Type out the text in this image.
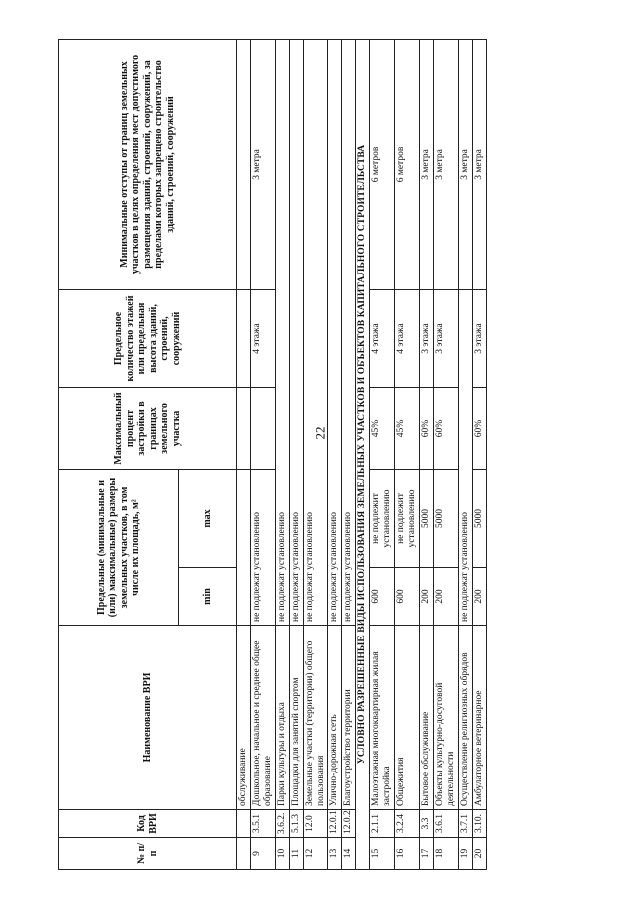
22
№ п/п	Код ВРИ	Наименование ВРИ	Предельные (минимальные и (или) максимальные) размеры земельных участков, в том числе их площадь, м²		Максимальный процент застройки в границах земельного участка	Предельное количество этажей или предельная высота зданий, строений, сооружений	Минимальные отступы от границ земельных участков в целях определения мест допустимого размещения зданий, строений, сооружений, за пределами которых запрещено строительство зданий, строений, сооружений
			min	max			
		обслуживание					
9	3.5.1	Дошкольное, начальное и среднее общее образование	не подлежат установлению			4 этажа	3 метра
10	3.6.2.	Парки культуры и отдыха	не подлежат установлению				
11	5.1.3	Площадки для занятий спортом	не подлежат установлению				
12	12.0	Земельные участки (территории) общего пользования	не подлежат установлению				
13	12.0.1	Улично-дорожная сеть	не подлежат установлению				
14	12.0.2	Благоустройство территории	не подлежат установлению				
УСЛОВНО РАЗРЕШЕННЫЕ ВИДЫ ИСПОЛЬЗОВАНИЯ ЗЕМЕЛЬНЫХ УЧАСТКОВ И ОБЪЕКТОВ КАПИТАЛЬНОГО СТРОИТЕЛЬСТВА							
15	2.1.1	Малоэтажная многоквартирная жилая застройка	600	не подлежит установлению	45%	4 этажа	6 метров
16	3.2.4	Общежития	600	не подлежит установлению	45%	4 этажа	6 метров
17	3.3	Бытовое обслуживание	200	5000	60%	3 этажа	3 метра
18	3.6.1	Объекты культурно-досуговой деятельности	200	5000	60%	3 этажа	3 метра
19	3.7.1	Осуществление религиозных обрядов	не подлежат установлению				3 метра
20	3.10.	Амбулаторное ветеринарное	200	5000	60%	3 этажа	3 метра
